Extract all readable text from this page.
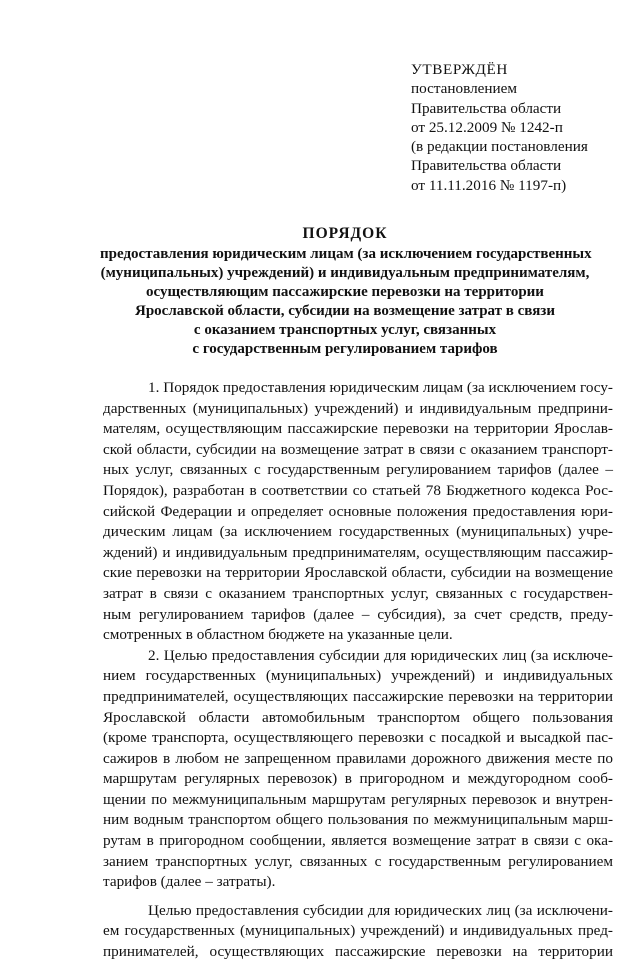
УТВЕРЖДЁН
постановлением
Правительства области
от 25.12.2009 № 1242-п
(в редакции постановления
Правительства области
от 11.11.2016 № 1197-п)
ПОРЯДОК
предоставления юридическим лицам (за исключением государственных
(муниципальных) учреждений) и индивидуальным предпринимателям,
осуществляющим пассажирские перевозки на территории
Ярославской области, субсидии на возмещение затрат в связи
с оказанием транспортных услуг, связанных
с государственным регулированием тарифов

1. Порядок предоставления юридическим лицам (за исключением госу-
дарственных (муниципальных) учреждений) и индивидуальным предприни-
мателям, осуществляющим пассажирские перевозки на территории Ярослав-
ской области, субсидии на возмещение затрат в связи с оказанием транспорт-
ных услуг, связанных с государственным регулированием тарифов (далее –
Порядок), разработан в соответствии со статьей 78 Бюджетного кодекса Рос-
сийской Федерации и определяет основные положения предоставления юри-
дическим лицам (за исключением государственных (муниципальных) учре-
ждений) и индивидуальным предпринимателям, осуществляющим пассажир-
ские перевозки на территории Ярославской области, субсидии на возмещение
затрат в связи с оказанием транспортных услуг, связанных с государствен-
ным регулированием тарифов (далее – субсидия), за счет средств, преду-
смотренных в областном бюджете на указанные цели.

2. Целью предоставления субсидии для юридических лиц (за исключе-
нием государственных (муниципальных) учреждений) и индивидуальных
предпринимателей, осуществляющих пассажирские перевозки на территории
Ярославской области автомобильным транспортом общего пользования
(кроме транспорта, осуществляющего перевозки с посадкой и высадкой пас-
сажиров в любом не запрещенном правилами дорожного движения месте по
маршрутам регулярных перевозок) в пригородном и междугородном сооб-
щении по межмуниципальным маршрутам регулярных перевозок и внутрен-
ним водным транспортом общего пользования по межмуниципальным марш-
рутам в пригородном сообщении, является возмещение затрат в связи с ока-
занием транспортных услуг, связанных с государственным регулированием
тарифов (далее – затраты).

Целью предоставления субсидии для юридических лиц (за исключени-
ем государственных (муниципальных) учреждений) и индивидуальных пред-
принимателей, осуществляющих пассажирские перевозки на территории
